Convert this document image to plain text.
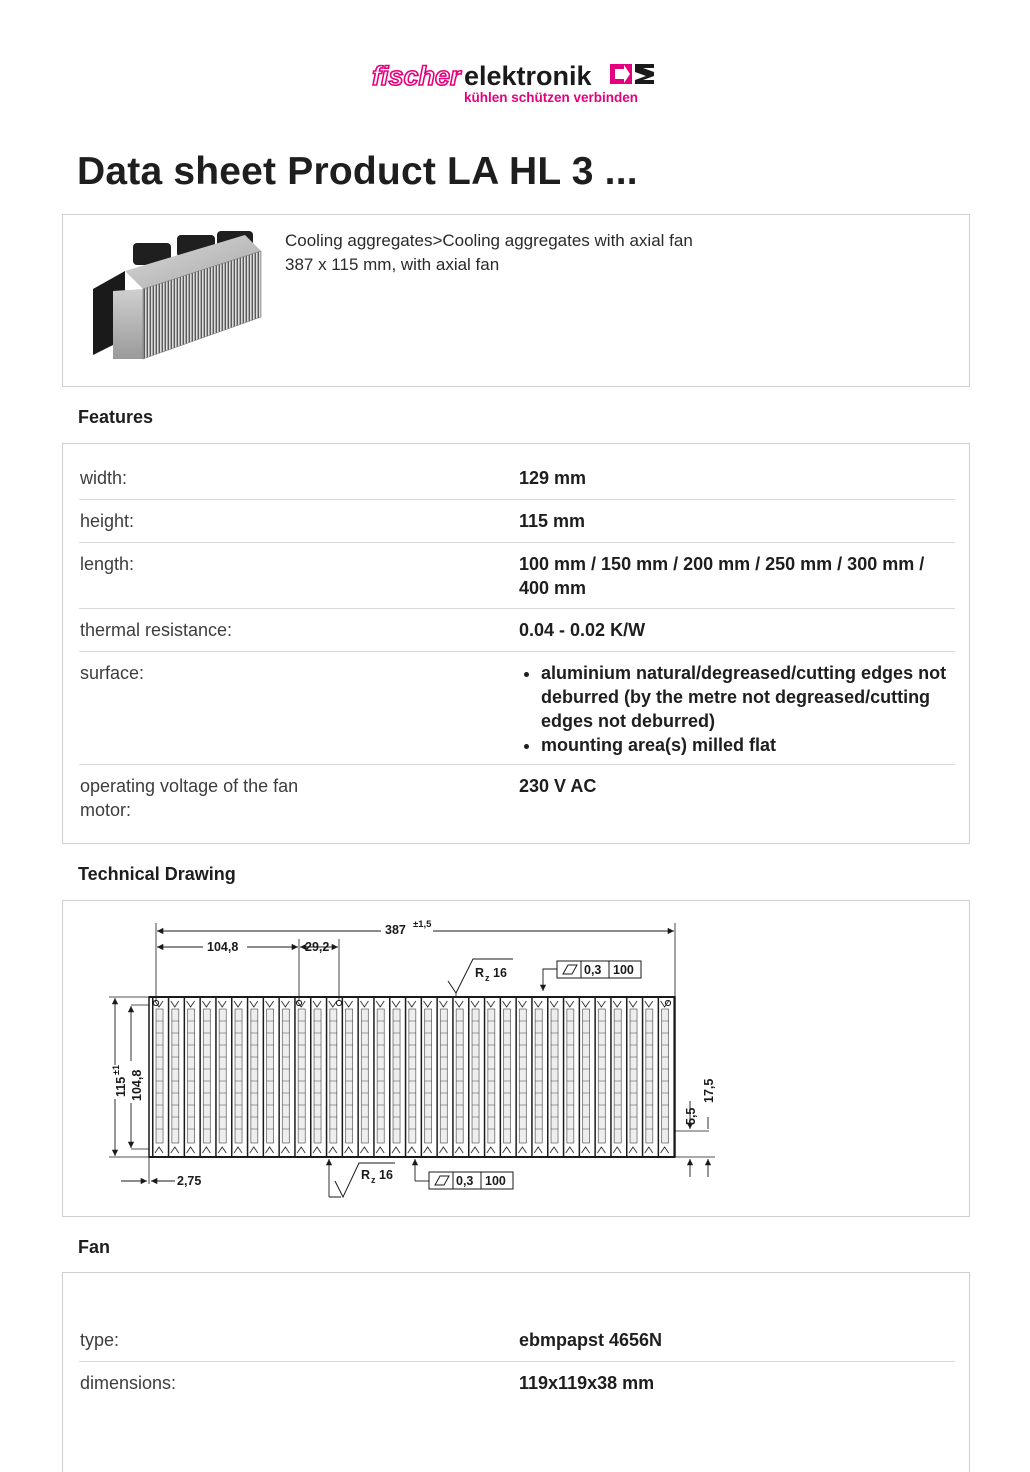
fischer elektronik
kühlen schützen verbinden
Data sheet Product LA HL 3 ...
Cooling aggregates>Cooling aggregates with axial fan
387 x 115 mm, with axial fan
Features
width:	129 mm
height:	115 mm
length:	100 mm / 150 mm / 200 mm / 250 mm / 300 mm / 400 mm
thermal resistance:	0.04 - 0.02 K/W
surface:
•	aluminium natural/degreased/cutting edges not deburred (by the metre not degreased/cutting edges not deburred)
• mounting area(s) milled flat
operating voltage of the fan motor:
230 V AC
Technical Drawing
387 ±1,5
104,8	29,2
R z 16	0,3 100
115
±1 104,8
2,75	R z 16	0,3 100
5,5
17,5
Fan
type:	ebmpapst 4656N
dimensions:	119x119x38 mm
